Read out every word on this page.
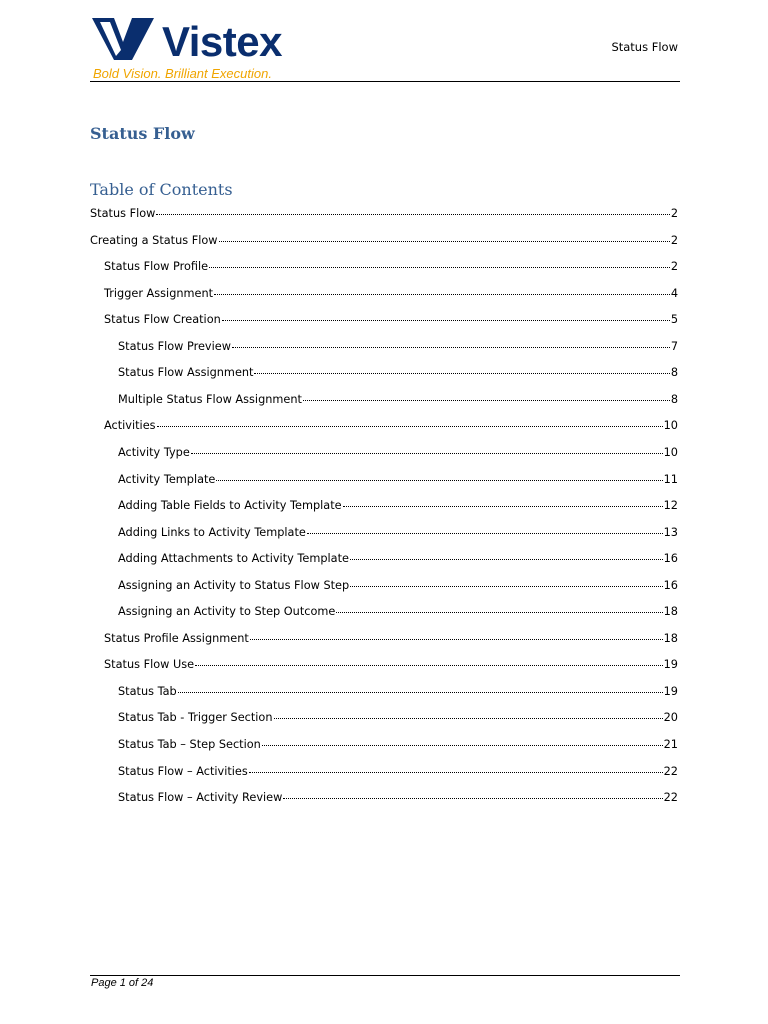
Vistex
Bold Vision. Brilliant Execution.
Status Flow
Status Flow
Table of Contents
Status Flow	2
Creating a Status Flow	2
Status Flow Profile	2
Trigger Assignment	4
Status Flow Creation	5
Status Flow Preview	7
Status Flow Assignment	8
Multiple Status Flow Assignment	8
Activities	10
Activity Type	10
Activity Template	11
Adding Table Fields to Activity Template	12
Adding Links to Activity Template	13
Adding Attachments to Activity Template	16
Assigning an Activity to Status Flow Step	16
Assigning an Activity to Step Outcome	18
Status Profile Assignment	18
Status Flow Use	19
Status Tab	19
Status Tab - Trigger Section	20
Status Tab – Step Section	21
Status Flow – Activities	22
Status Flow – Activity Review	22
Page 1 of 24
